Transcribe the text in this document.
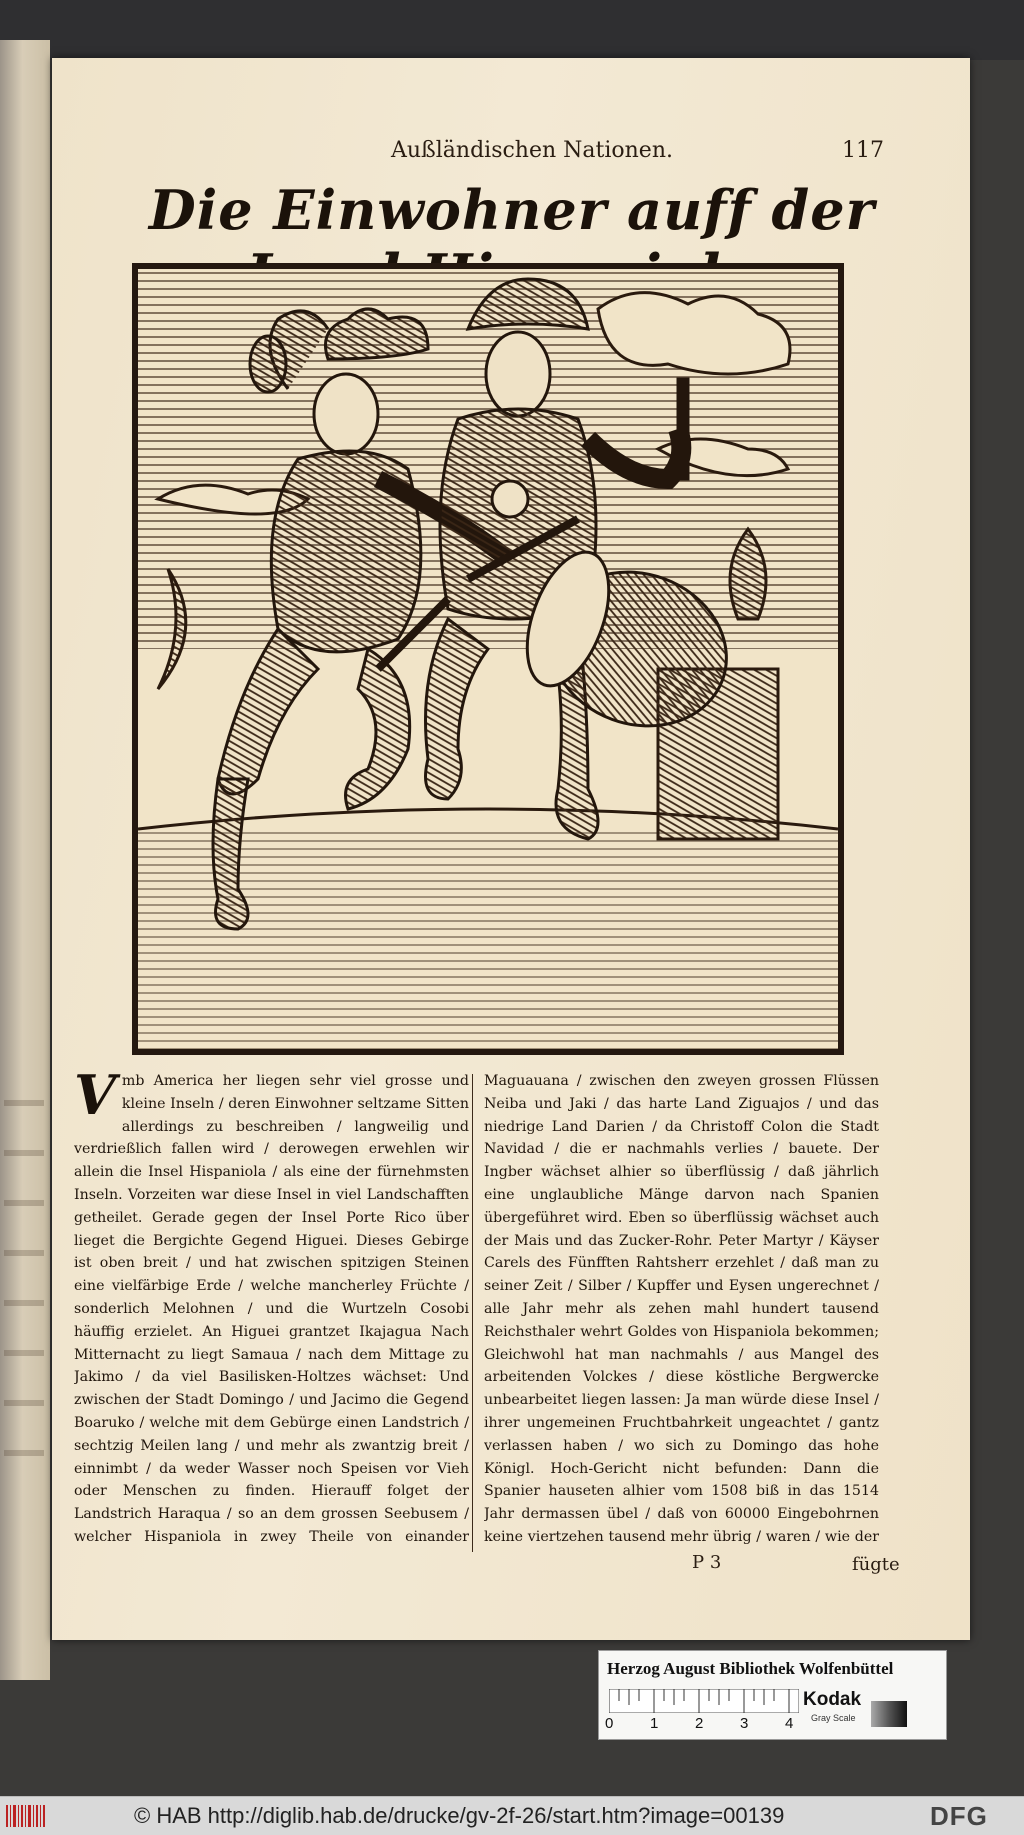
Außländischen Nationen.	117
Die Einwohner auff der
Vmb America her liegen sehr viel grosse und kleine Inseln / deren Einwohner seltzame Sitten allerdings zu beschreiben / langweilig und verdrießlich fallen wird / derowegen erwehlen wir allein die Insel Hispaniola / als eine der fürnehmsten Inseln. Vorzeiten war diese Insel in viel Landschafften getheilet. Gerade gegen der Insel Porte Rico über lieget die Bergichte Gegend Higuei. Dieses Gebirge ist oben breit / und hat zwischen spitzigen Steinen eine vielfärbige Erde / welche mancherley Früchte / sonderlich Melohnen / und die Wurtzeln Cosobi häuffig erzielet. An Higuei grantzet Ikajagua Nach Mitternacht zu liegt Samaua / nach dem Mittage zu Jakimo / da viel Basilisken-Holtzes wächset: Und zwischen der Stadt Domingo / und Jacimo die Gegend Boaruko / welche mit dem Gebürge einen Landstrich / sechtzig Meilen lang / und mehr als zwantzig breit / einnimbt / da weder Wasser noch Speisen vor Vieh oder Menschen zu finden. Hierauff folget der Landstrich Haraqua / so an dem grossen Seebusem / welcher Hispaniola in zwey Theile von einander
Maguauana / zwischen den zweyen grossen Flüssen Neiba und Jaki / das harte Land Ziguajos / und das niedrige Land Darien / da Christoff Colon die Stadt Navidad / die er nachmahls verlies / bauete. Der Ingber wächset alhier so überflüssig / daß jährlich eine unglaubliche Mänge darvon nach Spanien übergeführet wird. Eben so überflüssig wächset auch der Mais und das Zucker-Rohr. Peter Martyr / Käyser Carels des Fünfften Rahtsherr erzehlet / daß man zu seiner Zeit / Silber / Kupffer und Eysen ungerechnet / alle Jahr mehr als zehen mahl hundert tausend Reichsthaler wehrt Goldes von Hispaniola bekommen; Gleichwohl hat man nachmahls / aus Mangel des arbeitenden Volckes / diese köstliche Bergwercke unbearbeitet liegen lassen: Ja man würde diese Insel / ihrer ungemeinen Fruchtbahrkeit ungeachtet / gantz verlassen haben / wo sich zu Domingo das hohe Königl. Hoch-Gericht nicht befunden: Dann die Spanier hauseten alhier vom 1508 biß in das 1514 Jahr dermassen übel / daß von 60000 Eingebohrnen keine viertzehen tausend mehr übrig / waren / wie der
P 3	fügte
Herzog August Bibliothek Wolfenbüttel
0 1 2 3 4
Kodak
Gray Scale
© HAB http://diglib.hab.de/drucke/gv-2f-26/start.htm?image=00139	DFG
